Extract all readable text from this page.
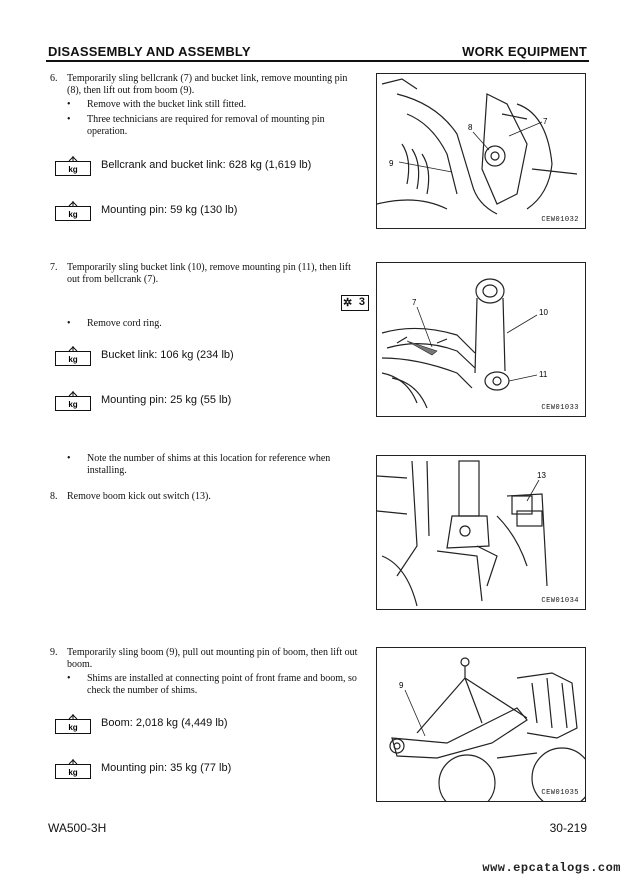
DISASSEMBLY AND ASSEMBLY	WORK EQUIPMENT
6. Temporarily sling bellcrank (7) and bucket link, remove mounting pin (8), then lift out from boom (9).
• Remove with the bucket link still fitted.
• Three technicians are required for removal of mounting pin operation.
kg Bellcrank and bucket link: 628 kg (1,619 lb)
kg Mounting pin: 59 kg (130 lb)
8
7
9
CEW01032
7. Temporarily sling bucket link (10), remove mounting pin (11), then lift out from bellcrank (7).
✲ 3
• Remove cord ring.
kg Bucket link: 106 kg (234 lb)
kg Mounting pin: 25 kg (55 lb)
7
10
11
CEW01033
• Note the number of shims at this location for reference when installing.
8. Remove boom kick out switch (13).
13
CEW01034
9. Temporarily sling boom (9), pull out mounting pin of boom, then lift out boom.
• Shims are installed at connecting point of front frame and boom, so check the number of shims.
kg Boom: 2,018 kg (4,449 lb)
kg Mounting pin: 35 kg (77 lb)
9
CEW01035
WA500-3H	30-219
www.epcatalogs.com
